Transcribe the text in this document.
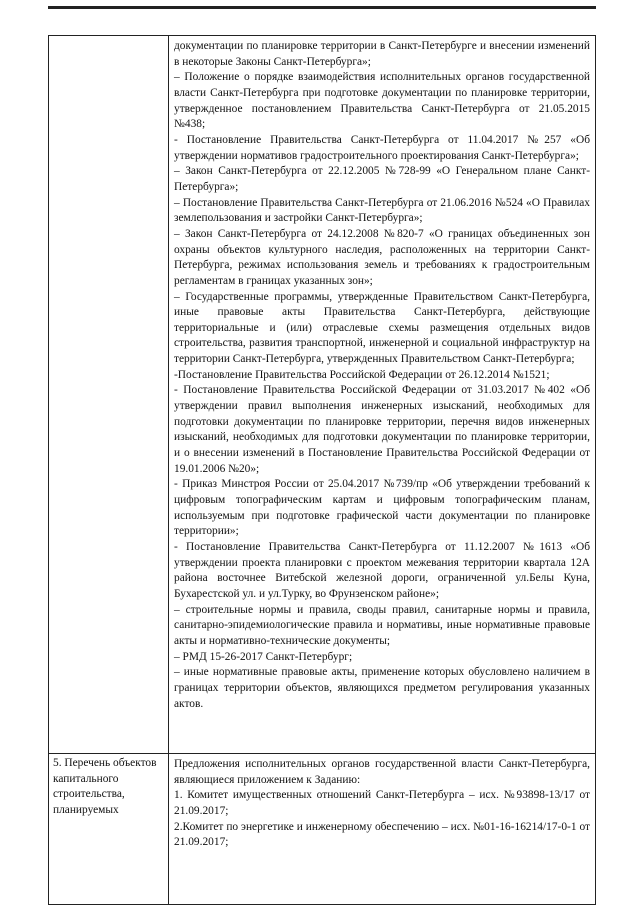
документации по планировке территории в Санкт-Петербурге и внесении изменений в некоторые Законы Санкт-Петербурга»;

– Положение о порядке взаимодействия исполнительных органов государственной власти Санкт-Петербурга при подготовке документации по планировке территории, утвержденное постановлением Правительства Санкт-Петербурга от 21.05.2015 №438;

- Постановление Правительства Санкт-Петербурга от 11.04.2017 №257 «Об утверждении нормативов градостроительного проектирования Санкт-Петербурга»;

– Закон Санкт-Петербурга от 22.12.2005 №728-99 «О Генеральном плане Санкт-Петербурга»;

– Постановление Правительства Санкт-Петербурга от 21.06.2016 №524 «О Правилах землепользования и застройки Санкт-Петербурга»;

– Закон Санкт-Петербурга от 24.12.2008 №820-7 «О границах объединенных зон охраны объектов культурного наследия, расположенных на территории Санкт-Петербурга, режимах использования земель и требованиях к градостроительным регламентам в границах указанных зон»;

– Государственные программы, утвержденные Правительством Санкт-Петербурга, иные правовые акты Правительства Санкт-Петербурга, действующие территориальные и (или) отраслевые схемы размещения отдельных видов строительства, развития транспортной, инженерной и социальной инфраструктур на территории Санкт-Петербурга, утвержденных Правительством Санкт-Петербурга;

-Постановление Правительства Российской Федерации от 26.12.2014 №1521;

- Постановление Правительства Российской Федерации от 31.03.2017 №402 «Об утверждении правил выполнения инженерных изысканий, необходимых для подготовки документации по планировке территории, перечня видов инженерных изысканий, необходимых для подготовки документации по планировке территории, и о внесении изменений в Постановление Правительства Российской Федерации от 19.01.2006 №20»;

- Приказ Минстроя России от 25.04.2017 №739/пр «Об утверждении требований к цифровым топографическим картам и цифровым топографическим планам, используемым при подготовке графической части документации по планировке территории»;

- Постановление Правительства Санкт-Петербурга от 11.12.2007 №1613 «Об утверждении проекта планировки с проектом межевания территории квартала 12А района восточнее Витебской железной дороги, ограниченной ул.Белы Куна, Бухарестской ул. и ул.Турку, во Фрунзенском районе»;

– строительные нормы и правила, своды правил, санитарные нормы и правила, санитарно-эпидемиологические правила и нормативы, иные нормативные правовые акты и нормативно-технические документы;

– РМД 15-26-2017 Санкт-Петербург;

– иные нормативные правовые акты, применение которых обусловлено наличием в границах территории объектов, являющихся предметом регулирования указанных актов.

5. Перечень объектов капитального строительства, планируемых

Предложения исполнительных органов государственной власти Санкт-Петербурга, являющиеся приложением к Заданию:

1. Комитет имущественных отношений Санкт-Петербурга – исх. №93898-13/17 от 21.09.2017;

2.Комитет по энергетике и инженерному обеспечению – исх. №01-16-16214/17-0-1 от 21.09.2017;
